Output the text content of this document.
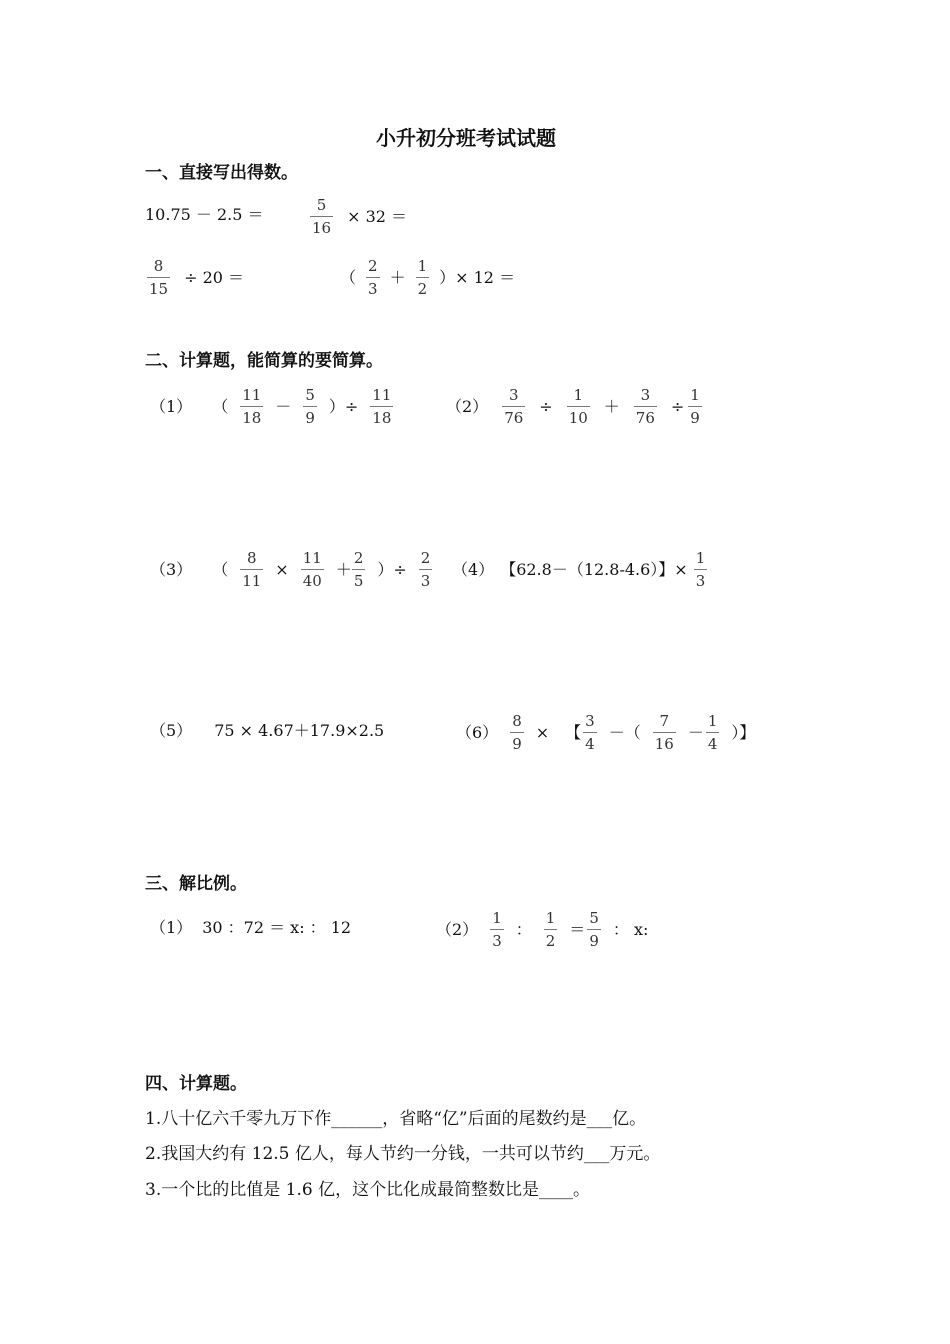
小升初分班考试试题
一、直接写出得数。
10.75 － 2.5 ＝	$\frac{5}{16} \times 32$ ＝
$\frac{8}{15} \div 20$ ＝	（ $\frac{2}{3} + \frac{1}{2}$ ）× 12 ＝
二、计算题，能简算的要简算。
（1） （ $\frac{11}{18} - \frac{5}{9}$ ）÷ $\frac{11}{18}$	$(2) \frac{3}{76} \div \frac{1}{10} + \frac{3}{76} \div \frac{1}{9}$
（3） （ $\frac{8}{11} \times \frac{11}{40} + \frac{2}{5}$ ）÷ $\frac{2}{3} (4)$ 【62.8－（12.8-4.6）】× $\frac{1}{3}$
（5） 75 × 4.67＋17.9×2.5	$(6) \frac{8}{9}$ × 【 $\frac{3}{4}$ －（ $\frac{7}{16} - \frac{1}{4}$ ）】
三、解比例。
（1） 30 ：72 ＝ x: ： 12	$(2) \frac{1}{3}$ ： $\frac{1}{2} = \frac{5}{9}$ ： x:
四、计算题。
1.八十亿六千零九万下作______，省略“亿”后面的尾数约是___亿。
2.我国大约有 12.5 亿人，每人节约一分钱，一共可以节约___万元。
3.一个比的比值是 1.6 亿，这个比化成最简整数比是____。
